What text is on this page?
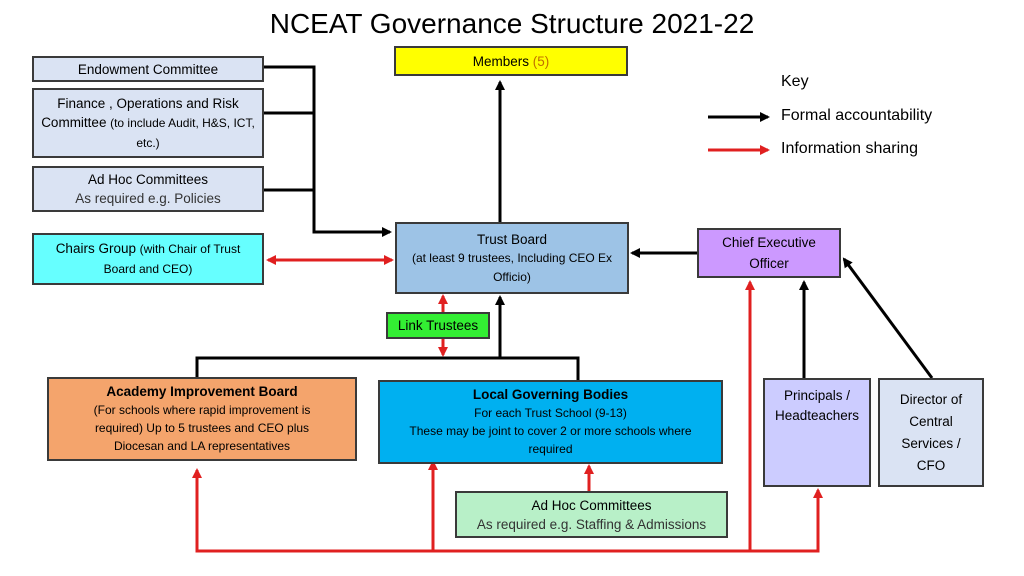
NCEAT Governance Structure 2021-22
Members (5)
Endowment Committee
Finance , Operations and Risk
Committee (to include Audit, H&S, ICT, etc.)
Ad Hoc Committees
As required e.g. Policies
Chairs Group (with Chair of Trust Board and CEO)
Trust Board
(at least 9 trustees, Including CEO Ex Officio)
Chief Executive
Officer
Link Trustees
Academy Improvement Board
(For schools where rapid improvement is
required) Up to 5 trustees and CEO plus
Diocesan and LA representatives
Local Governing Bodies
For each Trust School (9-13)
These may be joint to cover 2 or more schools where
required
Ad Hoc Committees
As required e.g. Staffing & Admissions
Principals /
Headteachers
Director of
Central
Services /
CFO
Key
Formal accountability
Information sharing
